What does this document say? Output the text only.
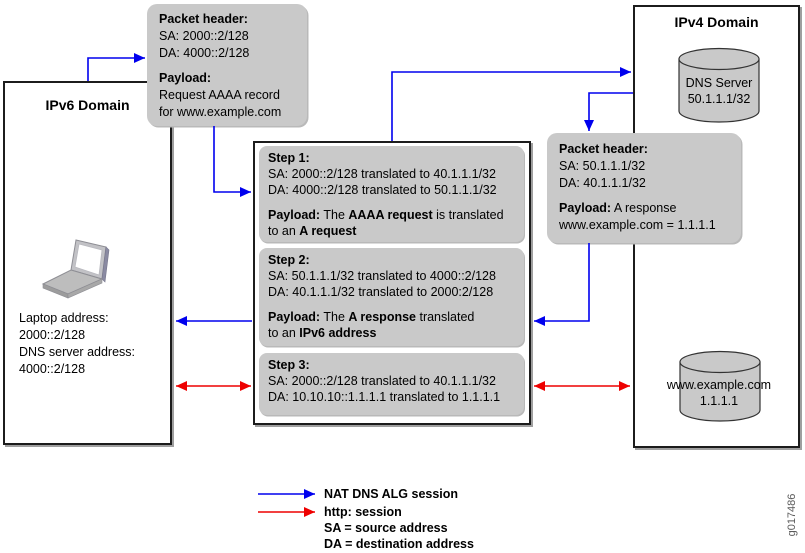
IPv6 Domain
Laptop address:
2000::2/128
DNS server address:
4000::2/128
IPv4 Domain
DNS Server
50.1.1.1/32
www.example.com
1.1.1.1
Packet header:
SA: 2000::2/128
DA: 4000::2/128
Payload:
Request AAAA record
for www.example.com
Packet header:
SA: 50.1.1.1/32
DA: 40.1.1.1/32
Payload: A response
www.example.com = 1.1.1.1
Step 1:
SA: 2000::2/128 translated to 40.1.1.1/32
DA: 4000::2/128 translated to 50.1.1.1/32
Payload: The AAAA request is translated
to an A request
Step 2:
SA: 50.1.1.1/32 translated to 4000::2/128
DA: 40.1.1.1/32 translated to 2000:2/128
Payload: The A response translated
to an IPv6 address
Step 3:
SA: 2000::2/128 translated to 40.1.1.1/32
DA: 10.10.10::1.1.1.1 translated to 1.1.1.1
NAT DNS ALG session
http: session
SA = source address
DA = destination address
g017486
